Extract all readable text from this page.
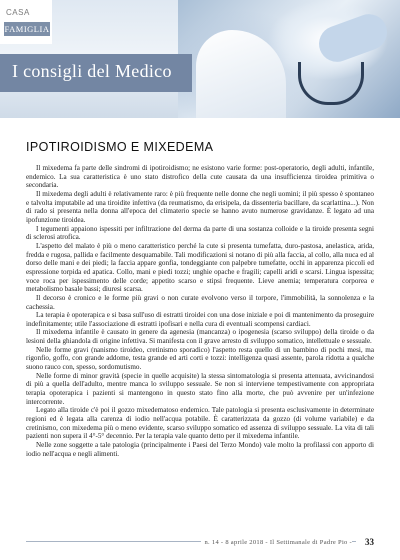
CASA
FAMIGLIA
I consigli del Medico
IPOTIROIDISMO E MIXEDEMA

Il mixedema fa parte delle sindromi di ipotiroidismo; ne esistono varie forme: post-operatorio, degli adulti, infantile, endemico. La sua caratteristica è uno stato distrofico della cute causata da una insufficienza tiroidea primitiva o secondaria.

Il mixedema degli adulti è relativamente raro: è più frequente nelle donne che negli uomini; il più spesso è spontaneo e talvolta imputabile ad una tiroidite infettiva (da reumatismo, da erisipela, da dissenteria bacillare, da scarlattina...). Non di rado si presenta nella donna all'epoca del climaterio specie se hanno avuto numerose gravidanze. È legato ad una ipofunzione tiroidea.

I tegumenti appaiono ispessiti per infiltrazione del derma da parte di una sostanza colloide e la tiroide presenta segni di sclerosi atrofica.

L'aspetto del malato è più o meno caratteristico perché la cute si presenta tumefatta, duro-pastosa, anelastica, arida, fredda e rugosa, pallida e facilmente desquamabile. Tali modificazioni si notano di più alla faccia, al collo, alla nuca ed al dorso delle mani e dei piedi; la faccia appare gonfia, tondeggiante con palpebre tumefatte, occhi in apparenza piccoli ed espressione torpida ed apatica. Collo, mani e piedi tozzi; unghie opache e fragili; capelli aridi e scarsi. Lingua ispessita; voce roca per ispessimento delle corde; appetito scarso e stipsi frequente. Lieve anemia; temperatura corporea e metabolismo basale bassi; diuresi scarsa.

Il decorso è cronico e le forme più gravi o non curate evolvono verso il torpore, l'immobilità, la sonnolenza e la cachessia.

La terapia è opoterapica e si basa sull'uso di estratti tiroidei con una dose iniziale e poi di mantenimento da proseguire indefinitamente; utile l'associazione di estratti ipofisari e nella cura di eventuali scompensi cardiaci.

Il mixedema infantile è causato in genere da agenesia (mancanza) o ipogenesia (scarso sviluppo) della tiroide o da lesioni della ghiandola di origine infettiva. Si manifesta con il grave arresto di sviluppo somatico, intellettuale e sessuale.

Nelle forme gravi (nanismo tiroideo, cretinismo sporadico) l'aspetto resta quello di un bambino di pochi mesi, ma rigonfio, goffo, con grande addome, testa grande ed arti corti e tozzi: intelligenza quasi assente, parola ridotta a qualche suono rauco con, spesso, sordomutismo.

Nelle forme di minor gravità (specie in quelle acquisite) la stessa sintomatologia si presenta attenuata, avvicinandosi di più a quella dell'adulto, mentre manca lo sviluppo sessuale. Se non si interviene tempestivamente con appropriata terapia opoterapica i pazienti si mantengono in questo stato fino alla morte, che può avvenire per un'infezione intercorrente.

Legato alla tiroide c'è poi il gozzo mixedematoso endemico. Tale patologia si presenta esclusivamente in determinate regioni ed è legata alla carenza di iodio nell'acqua potabile. È caratterizzata da gozzo (di volume variabile) e da cretinismo, con mixedema più o meno evidente, scarso sviluppo somatico ed assenza di sviluppo sessuale. La vita di tali pazienti non supera il 4°-5° decennio. Per la terapia vale quanto detto per il mixedema infantile.

Nelle zone soggette a tale patologia (principalmente i Paesi del Terzo Mondo) vale molto la profilassi con apporto di iodio nell'acqua e negli alimenti.

n. 14 - 8 aprile 2018 - Il Settimanale di Padre Pio - 33
